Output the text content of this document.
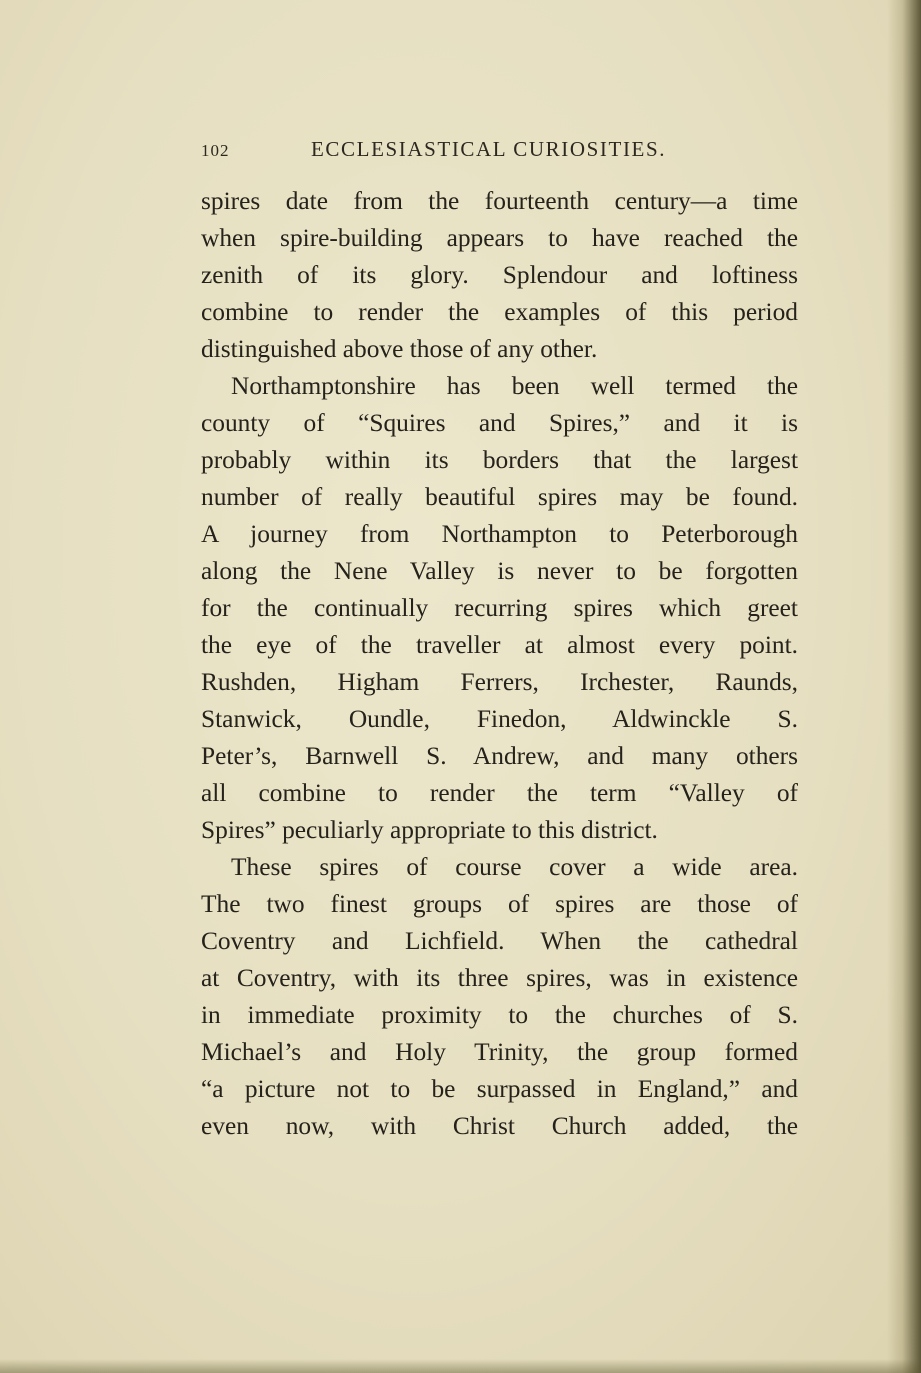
102	ECCLESIASTICAL CURIOSITIES.

spires date from the fourteenth century—a time
when spire-building appears to have reached the
zenith of its glory. Splendour and loftiness
combine to render the examples of this period
distinguished above those of any other.

Northamptonshire has been well termed the
county of “Squires and Spires,” and it is
probably within its borders that the largest
number of really beautiful spires may be found.
A journey from Northampton to Peterborough
along the Nene Valley is never to be forgotten
for the continually recurring spires which greet
the eye of the traveller at almost every point.
Rushden, Higham Ferrers, Irchester, Raunds,
Stanwick, Oundle, Finedon, Aldwinckle S.
Peter’s, Barnwell S. Andrew, and many others
all combine to render the term “Valley of
Spires” peculiarly appropriate to this district.

These spires of course cover a wide area.
The two finest groups of spires are those of
Coventry and Lichfield. When the cathedral
at Coventry, with its three spires, was in existence
in immediate proximity to the churches of S.
Michael’s and Holy Trinity, the group formed
“a picture not to be surpassed in England,” and
even now, with Christ Church added, the
